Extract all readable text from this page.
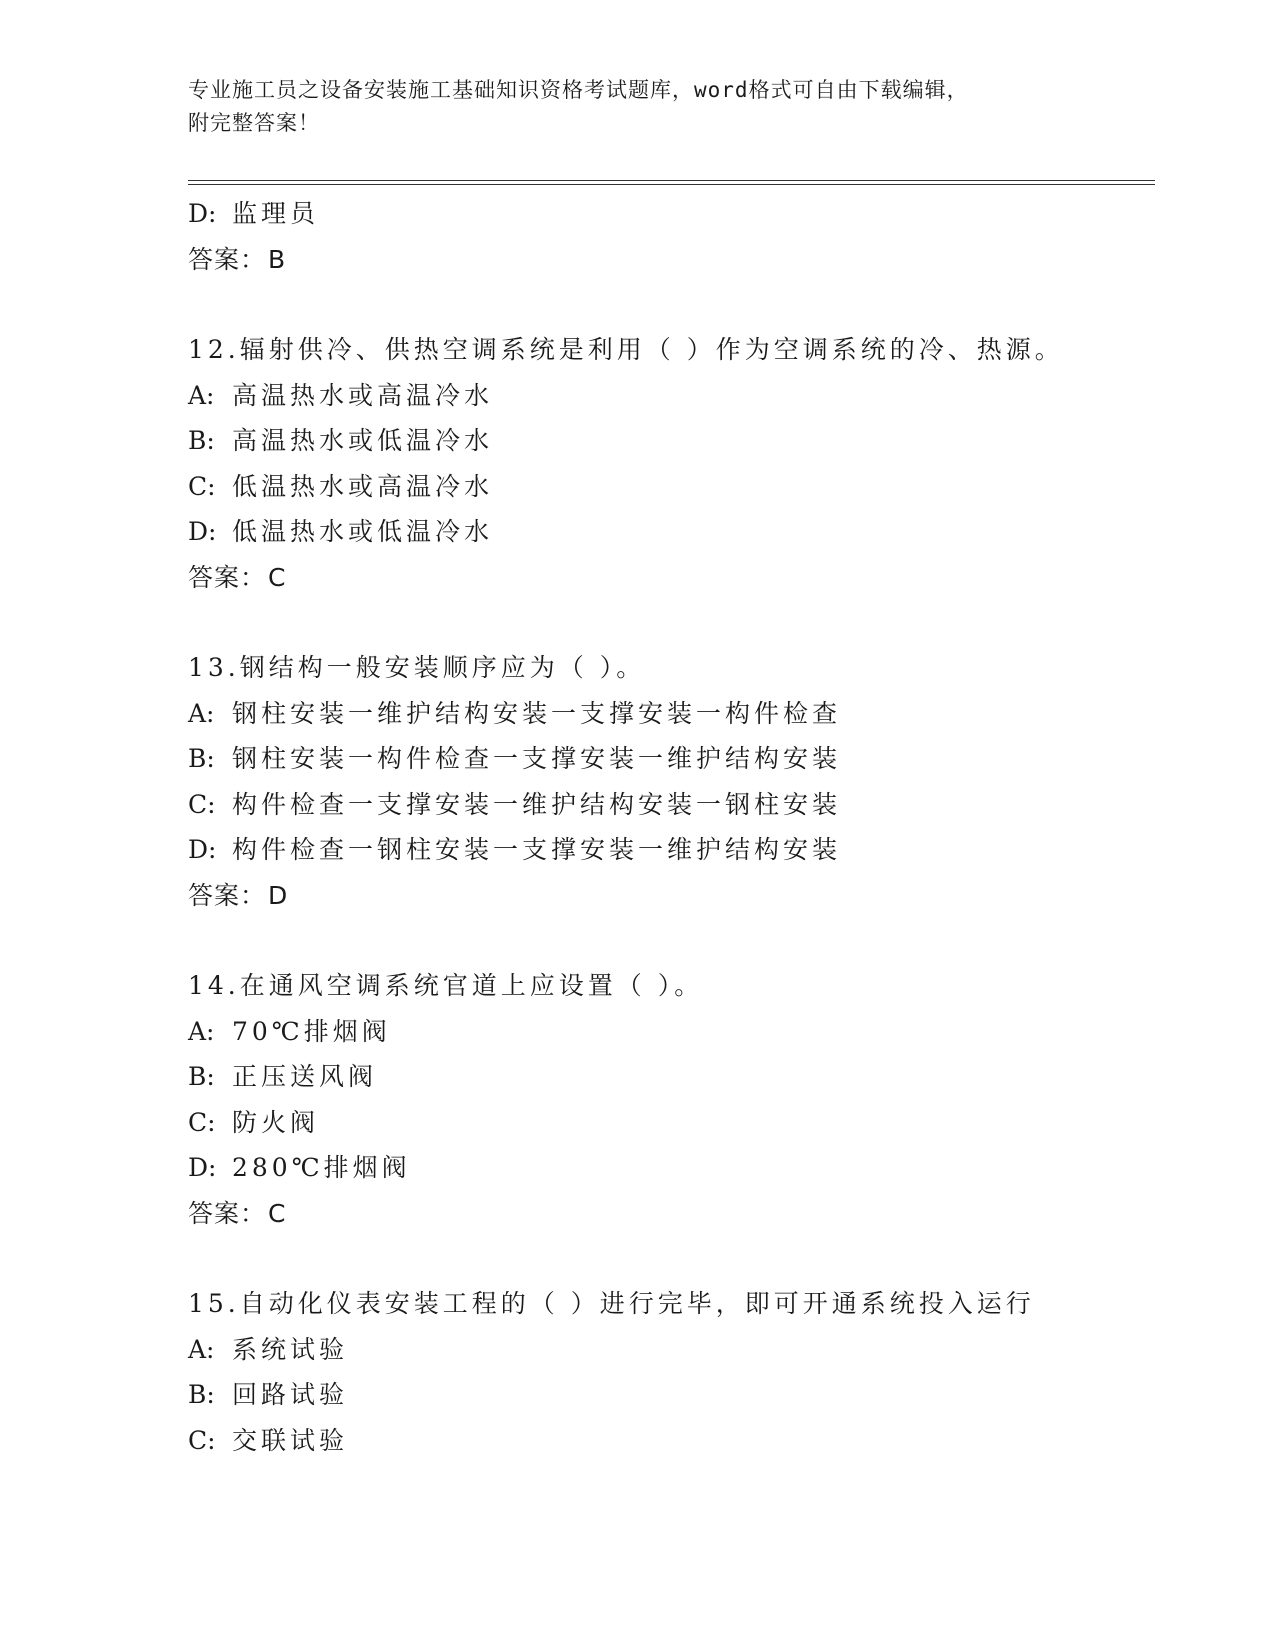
专业施工员之设备安装施工基础知识资格考试题库，word格式可自由下载编辑，
附完整答案！
D: 监理员
答案：B
12.辐射供冷、供热空调系统是利用（ ）作为空调系统的冷、热源。
A: 高温热水或高温冷水
B: 高温热水或低温冷水
C: 低温热水或高温冷水
D: 低温热水或低温冷水
答案：C
13.钢结构一般安装顺序应为（ ）。
A: 钢柱安装一维护结构安装一支撑安装一构件检查
B: 钢柱安装一构件检查一支撑安装一维护结构安装
C: 构件检查一支撑安装一维护结构安装一钢柱安装
D: 构件检查一钢柱安装一支撑安装一维护结构安装
答案：D
14.在通风空调系统官道上应设置（ ）。
A: 70℃排烟阀
B: 正压送风阀
C: 防火阀
D: 280℃排烟阀
答案：C
15.自动化仪表安装工程的（ ）进行完毕，即可开通系统投入运行
A: 系统试验
B: 回路试验
C: 交联试验
